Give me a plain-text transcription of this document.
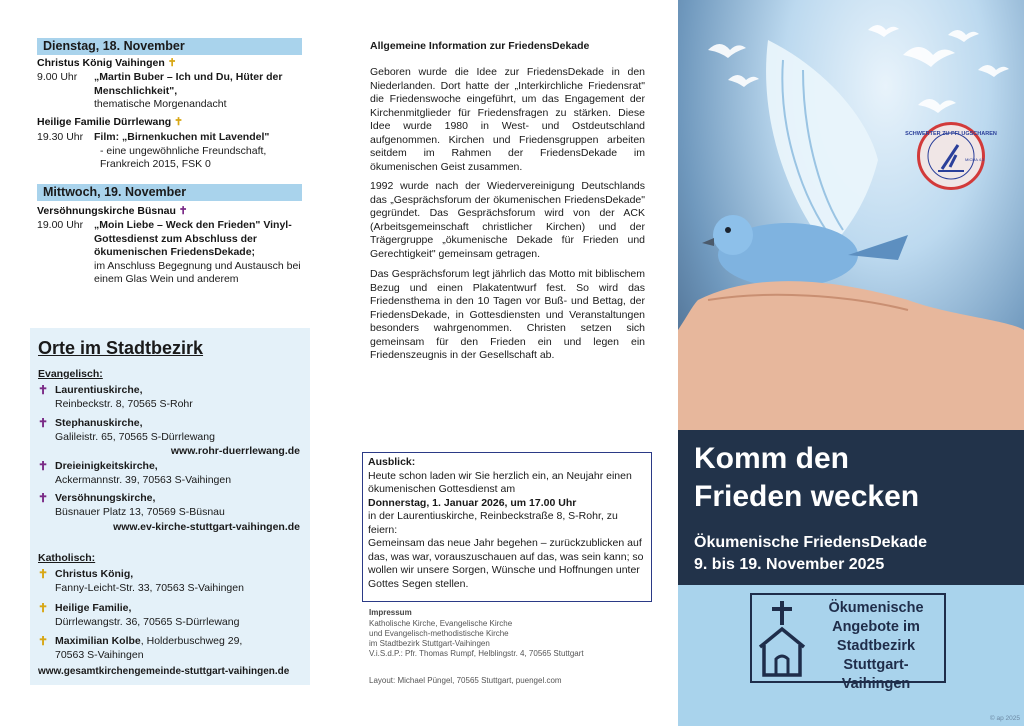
Dienstag, 18. November
Christus König Vaihingen ✝
9.00 Uhr	„Martin Buber – Ich und Du, Hüter der Menschlichkeit",
thematische Morgenandacht
Heilige Familie Dürrlewang ✝
19.30 Uhr	Film: „Birnenkuchen mit Lavendel"
- eine ungewöhnliche Freundschaft,
Frankreich 2015, FSK 0
Mittwoch, 19. November
Versöhnungskirche Büsnau ✝
19.00 Uhr	„Moin Liebe – Weck den Frieden" Vinyl-Gottesdienst zum Abschluss der ökumenischen FriedensDekade;
im Anschluss Begegnung und Austausch bei einem Glas Wein und anderem
Orte im Stadtbezirk
Evangelisch:
✝ Laurentiuskirche,
Reinbeckstr. 8, 70565 S-Rohr
✝ Stephanuskirche,
Galileistr. 65, 70565 S-Dürrlewang
www.rohr-duerrlewang.de
✝ Dreieinigkeitskirche,
Ackermannstr. 39, 70563 S-Vaihingen
✝ Versöhnungskirche,
Büsnauer Platz 13, 70569 S-Büsnau
www.ev-kirche-stuttgart-vaihingen.de
Katholisch:
✝ Christus König,
Fanny-Leicht-Str. 33, 70563 S-Vaihingen
✝ Heilige Familie,
Dürrlewangstr. 36, 70565 S-Dürrlewang
✝ Maximilian Kolbe, Holderbuschweg 29,
70563 S-Vaihingen
www.gesamtkirchengemeinde-stuttgart-vaihingen.de
Allgemeine Information zur FriedensDekade
Geboren wurde die Idee zur FriedensDekade in den Niederlanden. Dort hatte der „Interkirchliche Friedensrat" die Friedenswoche eingeführt, um das Engagement der Kirchenmitglieder für Friedensfragen zu stärken. Diese Idee wurde 1980 in West- und Ostdeutschland aufgenommen. Kirchen und Friedensgruppen arbeiten seitdem im Rahmen der FriedensDekade im ökumenischen Geist zusammen.
1992 wurde nach der Wiedervereinigung Deutschlands das „Gesprächsforum der ökumenischen FriedensDekade" gegründet. Das Gesprächsforum wird von der ACK (Arbeitsgemeinschaft christlicher Kirchen) und der Trägergruppe „ökumenische Dekade für Frieden und Gerechtigkeit" gemeinsam getragen.
Das Gesprächsforum legt jährlich das Motto mit biblischem Bezug und einen Plakatentwurf fest. So wird das Friedensthema in den 10 Tagen vor Buß- und Bettag, der FriedensDekade, in Gottesdiensten und Veranstaltungen besonders wahrgenommen. Christen setzen sich gemeinsam für den Frieden ein und legen ein Friedenszeugnis in der Gesellschaft ab.
Ausblick:
Heute schon laden wir Sie herzlich ein, an Neujahr einen ökumenischen Gottesdienst am
Donnerstag, 1. Januar 2026, um 17.00 Uhr
in der Laurentiuskirche, Reinbeckstraße 8, S-Rohr, zu feiern:
Gemeinsam das neue Jahr begehen – zurückzublicken auf das, was war, vorauszuschauen auf das, was sein kann; so wollen wir unsere Sorgen, Wünsche und Hoffnungen unter Gottes Segen stellen.
Impressum
Katholische Kirche, Evangelische Kirche
und Evangelisch-methodistische Kirche
im Stadtbezirk Stuttgart-Vaihingen
V.i.S.d.P.: Pfr. Thomas Rumpf, Helblingstr. 4, 70565 Stuttgart
Layout: Michael Püngel, 70565 Stuttgart, puengel.com
SCHWERTER ZU PFLUGSCHAREN
MICHA 4,3
Komm den
Frieden wecken
Ökumenische FriedensDekade
9. bis 19. November 2025
Ökumenische Angebote im Stadtbezirk Stuttgart-Vaihingen
© ap 2025
